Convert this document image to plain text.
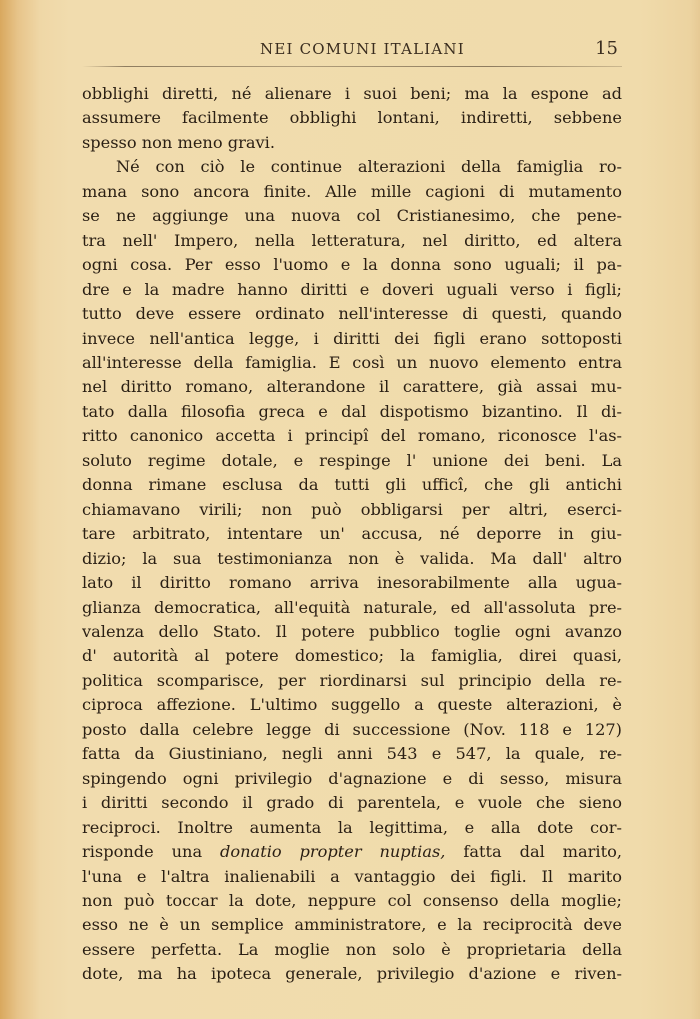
NEI COMUNI ITALIANI	15
obblighi diretti, né alienare i suoi beni; ma la espone ad
assumere facilmente obblighi lontani, indiretti, sebbene
spesso non meno gravi.
Né con ciò le continue alterazioni della famiglia ro-
mana sono ancora finite. Alle mille cagioni di mutamento
se ne aggiunge una nuova col Cristianesimo, che pene-
tra nell' Impero, nella letteratura, nel diritto, ed altera
ogni cosa. Per esso l'uomo e la donna sono uguali; il pa-
dre e la madre hanno diritti e doveri uguali verso i figli;
tutto deve essere ordinato nell'interesse di questi, quando
invece nell'antica legge, i diritti dei figli erano sottoposti
all'interesse della famiglia. E così un nuovo elemento entra
nel diritto romano, alterandone il carattere, già assai mu-
tato dalla filosofia greca e dal dispotismo bizantino. Il di-
ritto canonico accetta i principî del romano, riconosce l'as-
soluto regime dotale, e respinge l' unione dei beni. La
donna rimane esclusa da tutti gli ufficî, che gli antichi
chiamavano virili; non può obbligarsi per altri, eserci-
tare arbitrato, intentare un' accusa, né deporre in giu-
dizio; la sua testimonianza non è valida. Ma dall' altro
lato il diritto romano arriva inesorabilmente alla ugua-
glianza democratica, all'equità naturale, ed all'assoluta pre-
valenza dello Stato. Il potere pubblico toglie ogni avanzo
d' autorità al potere domestico; la famiglia, direi quasi,
politica scomparisce, per riordinarsi sul principio della re-
ciproca affezione. L'ultimo suggello a queste alterazioni, è
posto dalla celebre legge di successione (Nov. 118 e 127)
fatta da Giustiniano, negli anni 543 e 547, la quale, re-
spingendo ogni privilegio d'agnazione e di sesso, misura
i diritti secondo il grado di parentela, e vuole che sieno
reciproci. Inoltre aumenta la legittima, e alla dote cor-
risponde una donatio propter nuptias, fatta dal marito,
l'una e l'altra inalienabili a vantaggio dei figli. Il marito
non può toccar la dote, neppure col consenso della moglie;
esso ne è un semplice amministratore, e la reciprocità deve
essere perfetta. La moglie non solo è proprietaria della
dote, ma ha ipoteca generale, privilegio d'azione e riven-
